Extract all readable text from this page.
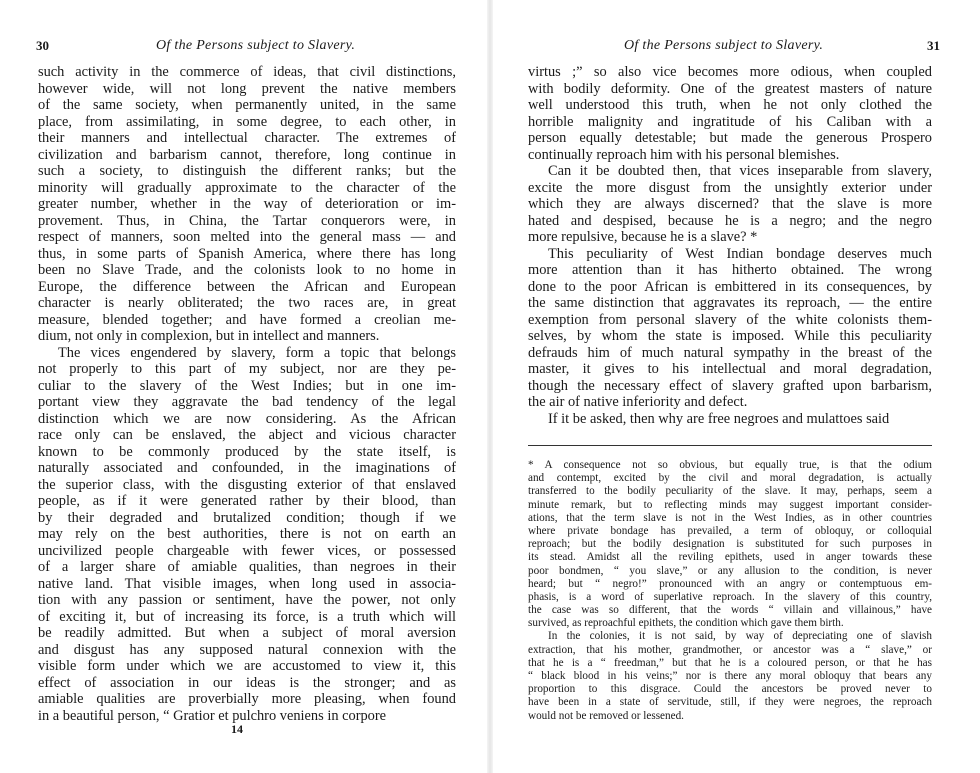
30	Of the Persons subject to Slavery.
such activity in the commerce of ideas, that civil distinctions,
however wide, will not long prevent the native members
of the same society, when permanently united, in the same
place, from assimilating, in some degree, to each other, in
their manners and intellectual character. The extremes of
civilization and barbarism cannot, therefore, long continue in
such a society, to distinguish the different ranks; but the
minority will gradually approximate to the character of the
greater number, whether in the way of deterioration or im-
provement. Thus, in China, the Tartar conquerors were, in
respect of manners, soon melted into the general mass — and
thus, in some parts of Spanish America, where there has long
been no Slave Trade, and the colonists look to no home in
Europe, the difference between the African and European
character is nearly obliterated; the two races are, in great
measure, blended together; and have formed a creolian me-
dium, not only in complexion, but in intellect and manners.
The vices engendered by slavery, form a topic that belongs
not properly to this part of my subject, nor are they pe-
culiar to the slavery of the West Indies; but in one im-
portant view they aggravate the bad tendency of the legal
distinction which we are now considering. As the African
race only can be enslaved, the abject and vicious character
known to be commonly produced by the state itself, is
naturally associated and confounded, in the imaginations of
the superior class, with the disgusting exterior of that enslaved
people, as if it were generated rather by their blood, than
by their degraded and brutalized condition; though if we
may rely on the best authorities, there is not on earth an
uncivilized people chargeable with fewer vices, or possessed
of a larger share of amiable qualities, than negroes in their
native land. That visible images, when long used in associa-
tion with any passion or sentiment, have the power, not only
of exciting it, but of increasing its force, is a truth which will
be readily admitted. But when a subject of moral aversion
and disgust has any supposed natural connexion with the
visible form under which we are accustomed to view it, this
effect of association in our ideas is the stronger; and as
amiable qualities are proverbially more pleasing, when found
in a beautiful person, “ Gratior et pulchro veniens in corpore
14
Of the Persons subject to Slavery.	31
virtus ;” so also vice becomes more odious, when coupled
with bodily deformity. One of the greatest masters of nature
well understood this truth, when he not only clothed the
horrible malignity and ingratitude of his Caliban with a
person equally detestable; but made the generous Prospero
continually reproach him with his personal blemishes.
Can it be doubted then, that vices inseparable from slavery,
excite the more disgust from the unsightly exterior under
which they are always discerned? that the slave is more
hated and despised, because he is a negro; and the negro
more repulsive, because he is a slave? *
This peculiarity of West Indian bondage deserves much
more attention than it has hitherto obtained. The wrong
done to the poor African is embittered in its consequences, by
the same distinction that aggravates its reproach, — the entire
exemption from personal slavery of the white colonists them-
selves, by whom the state is imposed. While this peculiarity
defrauds him of much natural sympathy in the breast of the
master, it gives to his intellectual and moral degradation,
though the necessary effect of slavery grafted upon barbarism,
the air of native inferiority and defect.
If it be asked, then why are free negroes and mulattoes said
* A consequence not so obvious, but equally true, is that the odium
and contempt, excited by the civil and moral degradation, is actually
transferred to the bodily peculiarity of the slave. It may, perhaps, seem a
minute remark, but to reflecting minds may suggest important consider-
ations, that the term slave is not in the West Indies, as in other countries
where private bondage has prevailed, a term of obloquy, or colloquial
reproach; but the bodily designation is substituted for such purposes in
its stead. Amidst all the reviling epithets, used in anger towards these
poor bondmen, “ you slave,” or any allusion to the condition, is never
heard; but “ negro!” pronounced with an angry or contemptuous em-
phasis, is a word of superlative reproach. In the slavery of this country,
the case was so different, that the words “ villain and villainous,” have
survived, as reproachful epithets, the condition which gave them birth.
In the colonies, it is not said, by way of depreciating one of slavish
extraction, that his mother, grandmother, or ancestor was a “ slave,” or
that he is a “ freedman,” but that he is a coloured person, or that he has
“ black blood in his veins;” nor is there any moral obloquy that bears any
proportion to this disgrace. Could the ancestors be proved never to
have been in a state of servitude, still, if they were negroes, the reproach
would not be removed or lessened.
